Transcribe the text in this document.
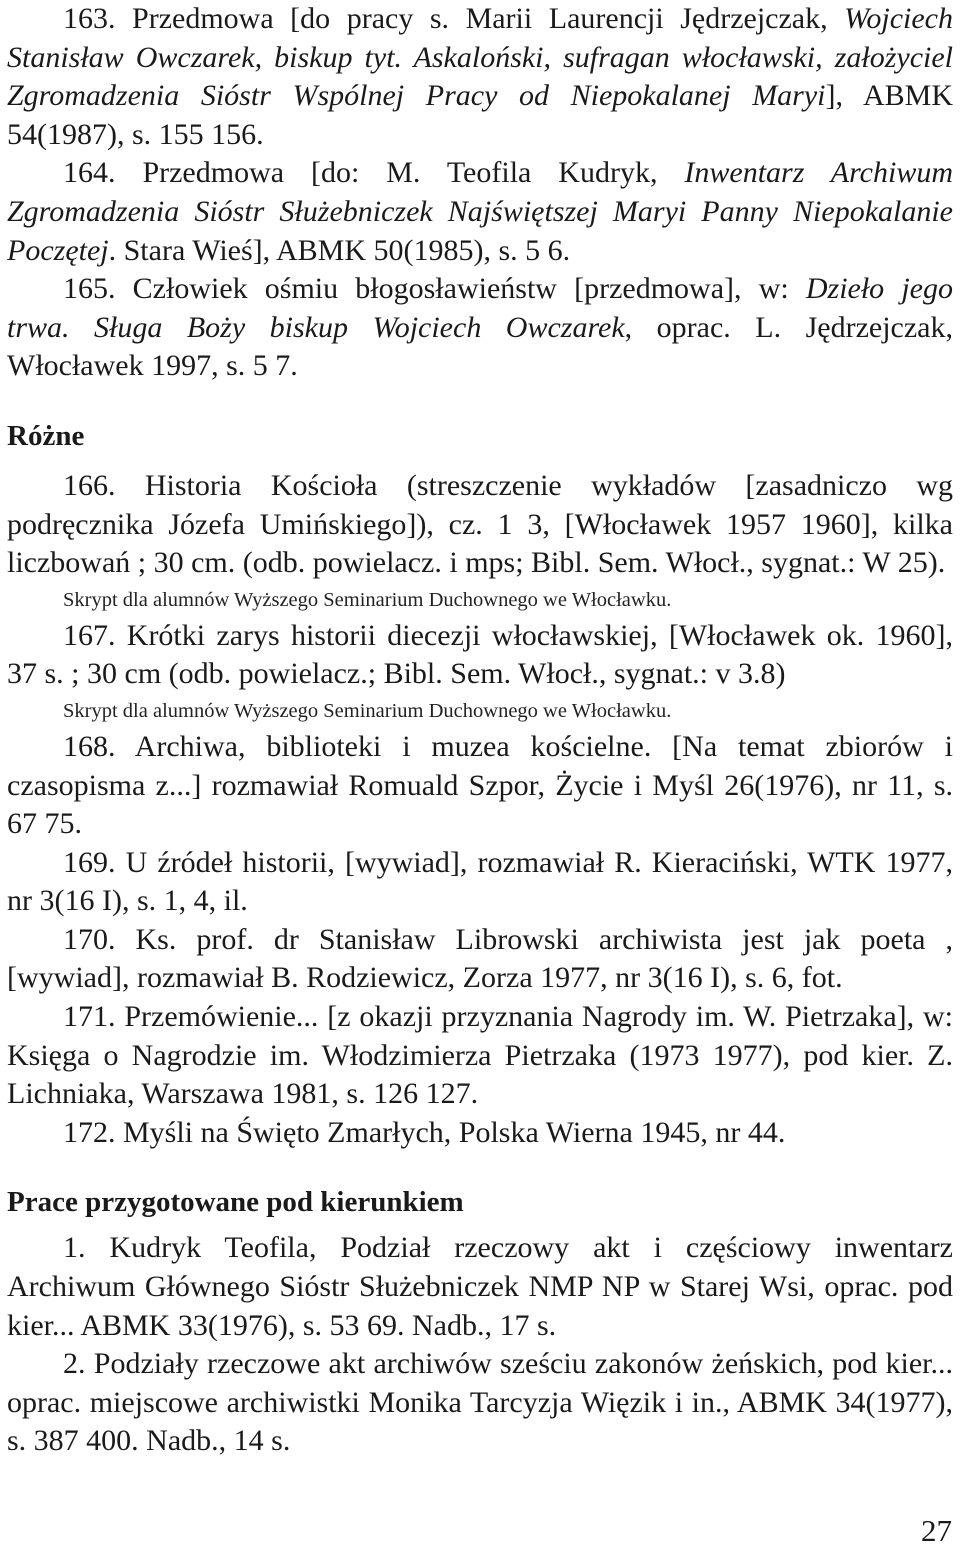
163. Przedmowa [do pracy s. Marii Laurencji Jędrzejczak, Wojciech Stanisław Owczarek, biskup tyt. Askaloński, sufragan włocławski, założyciel Zgromadzenia Sióstr Wspólnej Pracy od Niepokalanej Maryi], ABMK 54(1987), s. 155 156.

164. Przedmowa [do: M. Teofila Kudryk, Inwentarz Archiwum Zgromadzenia Sióstr Służebniczek Najświętszej Maryi Panny Niepokalanie Poczętej. Stara Wieś], ABMK 50(1985), s. 5 6.

165. Człowiek ośmiu błogosławieństw [przedmowa], w: Dzieło jego trwa. Sługa Boży biskup Wojciech Owczarek, oprac. L. Jędrzejczak, Włocławek 1997, s. 5 7.

Różne

166. Historia Kościoła (streszczenie wykładów [zasadniczo wg podręcznika Józefa Umińskiego]), cz. 1 3, [Włocławek 1957 1960], kilka liczbowań ; 30 cm. (odb. powielacz. i mps; Bibl. Sem. Włocł., sygnat.: W 25).

Skrypt dla alumnów Wyższego Seminarium Duchownego we Włocławku.

167. Krótki zarys historii diecezji włocławskiej, [Włocławek ok. 1960], 37 s. ; 30 cm (odb. powielacz.; Bibl. Sem. Włocł., sygnat.: v 3.8)

Skrypt dla alumnów Wyższego Seminarium Duchownego we Włocławku.

168. Archiwa, biblioteki i muzea kościelne. [Na temat zbiorów i czasopisma z...] rozmawiał Romuald Szpor, Życie i Myśl 26(1976), nr 11, s. 67 75.

169. U źródeł historii, [wywiad], rozmawiał R. Kieraciński, WTK 1977, nr 3(16 I), s. 1, 4, il.

170. Ks. prof. dr Stanisław Librowski archiwista jest jak poeta , [wywiad], rozmawiał B. Rodziewicz, Zorza 1977, nr 3(16 I), s. 6, fot.

171. Przemówienie... [z okazji przyznania Nagrody im. W. Pietrzaka], w: Księga o Nagrodzie im. Włodzimierza Pietrzaka (1973 1977), pod kier. Z. Lichniaka, Warszawa 1981, s. 126 127.

172. Myśli na Święto Zmarłych, Polska Wierna 1945, nr 44.

Prace przygotowane pod kierunkiem

1. Kudryk Teofila, Podział rzeczowy akt i częściowy inwentarz Archiwum Głównego Sióstr Służebniczek NMP NP w Starej Wsi, oprac. pod kier... ABMK 33(1976), s. 53 69. Nadb., 17 s.

2. Podziały rzeczowe akt archiwów sześciu zakonów żeńskich, pod kier... oprac. miejscowe archiwistki Monika Tarcyzja Więzik i in., ABMK 34(1977), s. 387 400. Nadb., 14 s.

27
